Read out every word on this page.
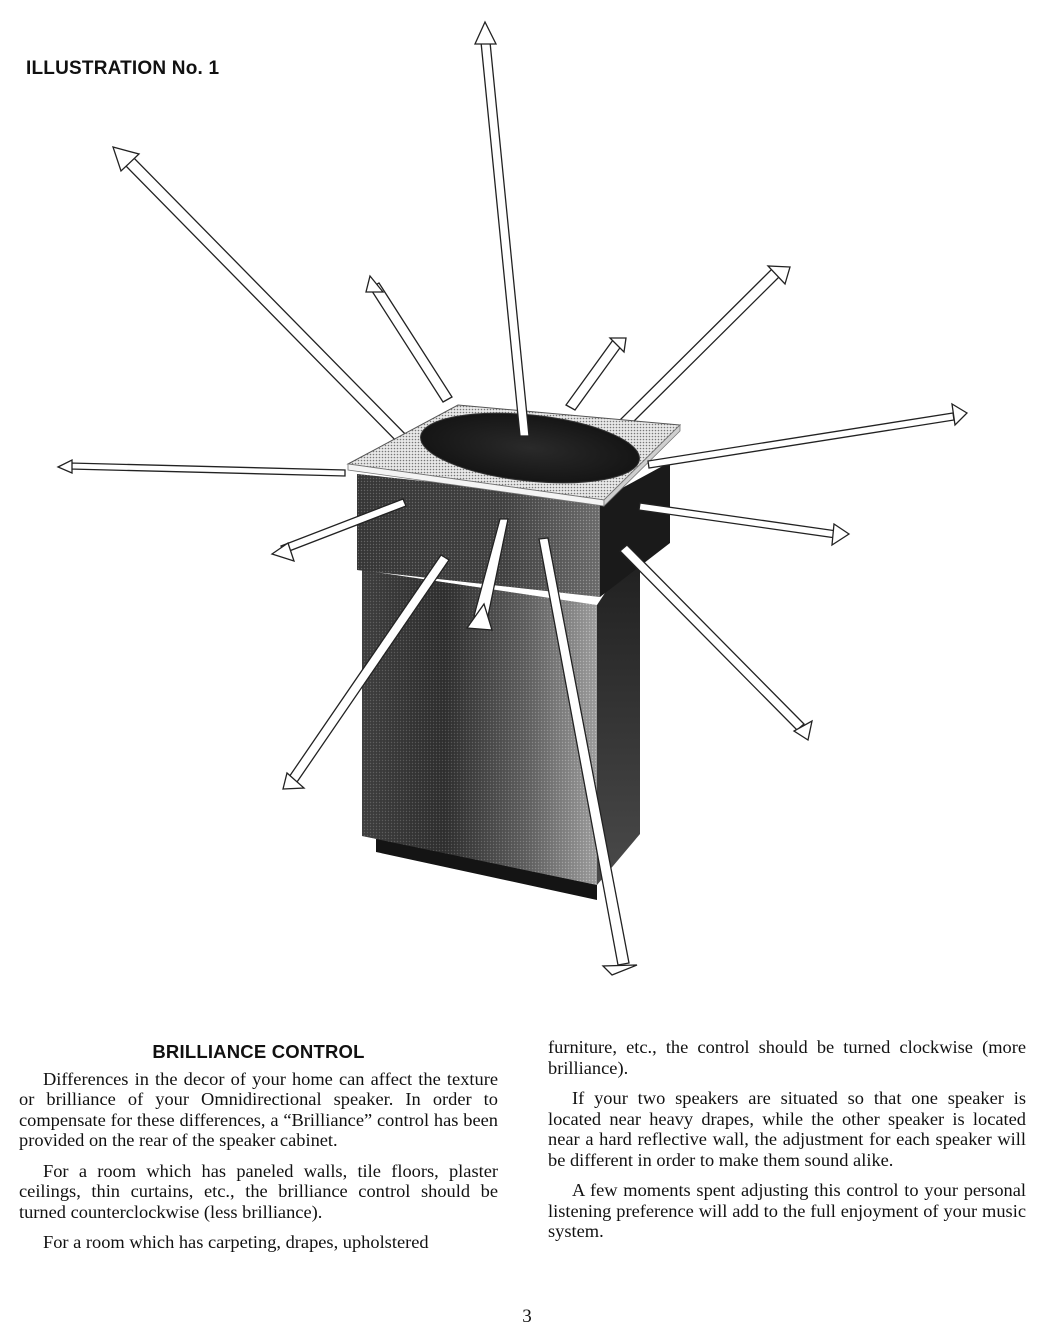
ILLUSTRATION No. 1
BRILLIANCE CONTROL

Differences in the decor of your home can affect the texture or brilliance of your Omnidirectional speaker. In order to compensate for these differences, a “Brilliance” control has been provided on the rear of the speaker cabinet.

For a room which has paneled walls, tile floors, plaster ceilings, thin curtains, etc., the brilliance control should be turned counterclockwise (less brilliance).

For a room which has carpeting, drapes, upholstered

furniture, etc., the control should be turned clockwise (more brilliance).

If your two speakers are situated so that one speaker is located near heavy drapes, while the other speaker is located near a hard reflective wall, the adjustment for each speaker will be different in order to make them sound alike.

A few moments spent adjusting this control to your personal listening preference will add to the full enjoyment of your music system.

3
